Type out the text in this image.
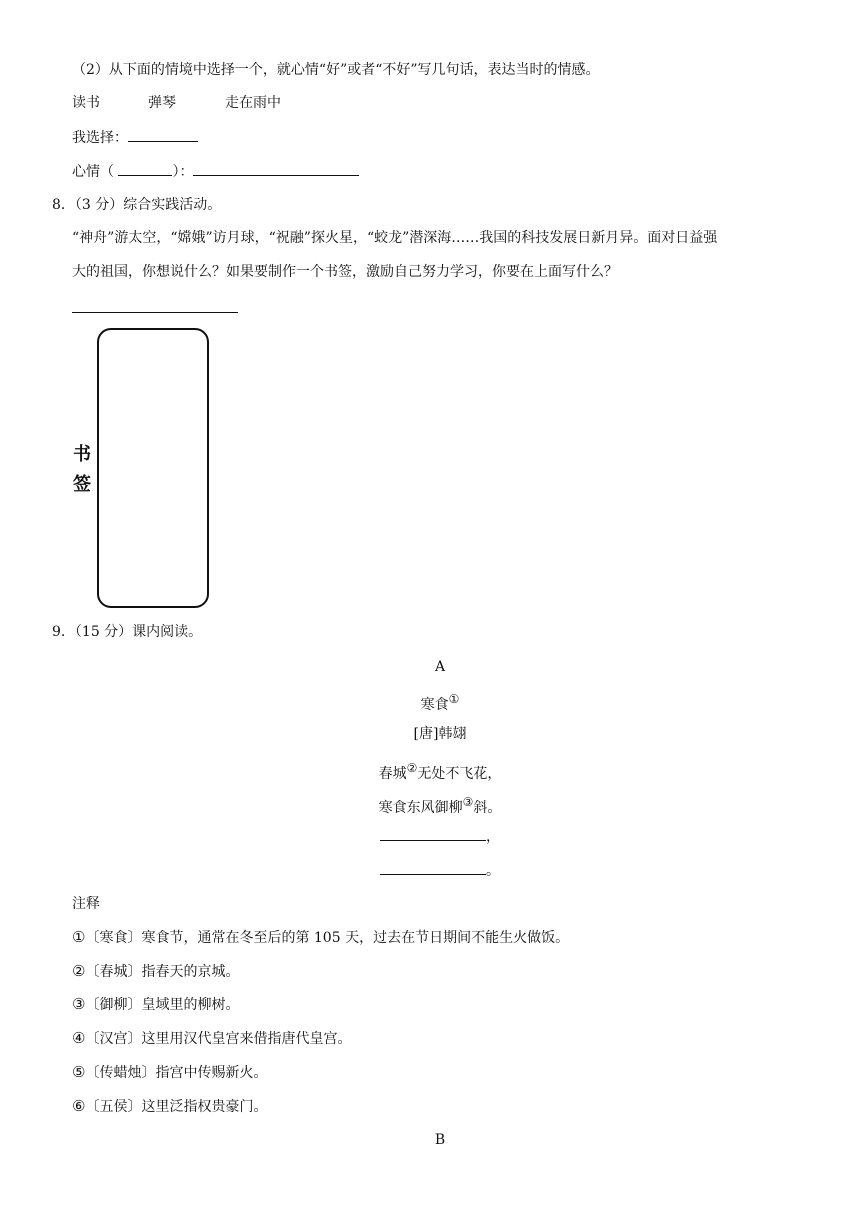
（2）从下面的情境中选择一个，就心情“好”或者“不好”写几句话，表达当时的情感。
读书	弹琴	走在雨中
我选择：
心情（	）：
8．（3 分）综合实践活动。
“神舟”游太空，“嫦娥”访月球，“祝融”探火星，“蛟龙”潜深海……我国的科技发展日新月异。面对日益强
大的祖国，你想说什么？如果要制作一个书签，激励自己努力学习，你要在上面写什么？
书
签
9．（15 分）课内阅读。
A
寒食①
[唐]韩翃
春城②无处不飞花，
寒食东风御柳③斜。
，
。
注释
①〔寒食〕寒食节，通常在冬至后的第 105 天，过去在节日期间不能生火做饭。
②〔春城〕指春天的京城。
③〔御柳〕皇域里的柳树。
④〔汉宫〕这里用汉代皇宫来借指唐代皇宫。
⑤〔传蜡烛〕指宫中传赐新火。
⑥〔五侯〕这里泛指权贵豪门。
B
